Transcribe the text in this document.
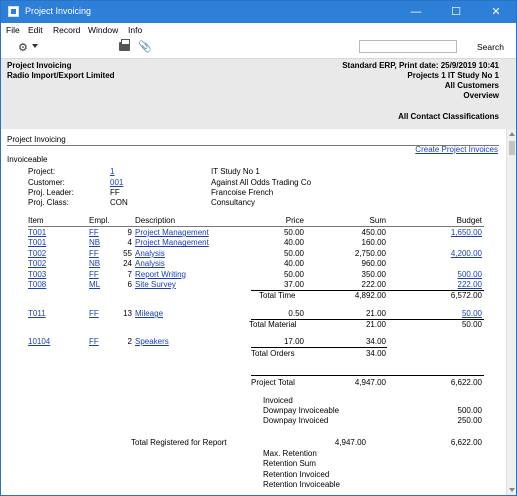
Project Invoicing	—	☐	✕
File Edit Record Window Info
⚙	📎	Search
Project Invoicing
Radio Import/Export Limited
Standard ERP, Print date: 25/9/2019 10:41
Projects 1 IT Study No 1
All Customers
Overview
All Contact Classifications
Project Invoicing
Create Project Invoices
Invoiceable
Project:	1	IT Study No 1
Customer:	001	Against All Odds Trading Co
Proj. Leader:	FF	Francoise French
Proj. Class:	CON	Consultancy
Item	Empl.	Description	Price	Sum	Budget
T001	FF	9 Project Management	50.00	450.00	1,650.00
T001	NB	4 Project Management	40.00	160.00
T002	FF	55 Analysis	50.00	2,750.00	4,200.00
T002	NB	24 Analysis	40.00	960.00
T003	FF	7 Report Writing	50.00	350.00	500.00
T008	ML	6 Site Survey	37.00	222.00	222.00
Total Time	4,892.00	6,572.00
T011	FF	13 Mileage	0.50	21.00	50.00
Total Material	21.00	50.00
10104	FF	2 Speakers	17.00	34.00
Total Orders	34.00
Project Total	4,947.00	6,622.00
Invoiced
Downpay Invoiceable	500.00
Downpay Invoiced	250.00
Total Registered for Report	4,947.00	6,622.00
Max. Retention
Retention Sum
Retention Invoiced
Retention Invoiceable
